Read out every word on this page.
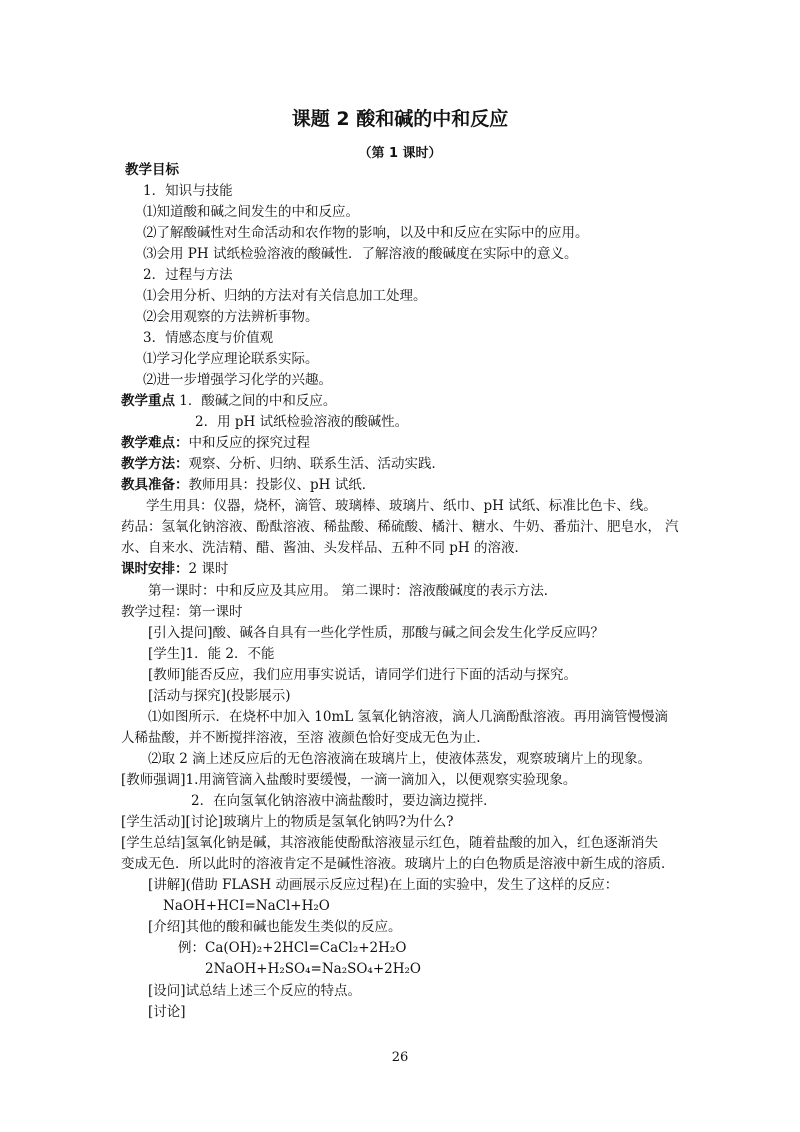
课题 2 酸和碱的中和反应
（第 1 课时）
教学目标
1．知识与技能
⑴知道酸和碱之间发生的中和反应。
⑵了解酸碱性对生命活动和农作物的影响，以及中和反应在实际中的应用。
⑶会用 PH 试纸检验溶液的酸碱性．了解溶液的酸碱度在实际中的意义。
2．过程与方法
⑴会用分析、归纳的方法对有关信息加工处理。
⑵会用观察的方法辨析事物。
3．情感态度与价值观
⑴学习化学应理论联系实际。
⑵进一步增强学习化学的兴趣。
教学重点 1．酸碱之间的中和反应。
2．用 pH 试纸检验溶液的酸碱性。
教学难点：中和反应的探究过程
教学方法：观察、分析、归纳、联系生活、活动实践．
教具准备：教师用具：投影仪、pH 试纸．
学生用具：仪器，烧杯，滴管、玻璃棒、玻璃片、纸巾、pH 试纸、标准比色卡、线。
药品：氢氧化钠溶液、酚酞溶液、稀盐酸、稀硫酸、橘汁、糖水、牛奶、番茄汁、肥皂水， 汽
水、自来水、洗洁精、醋、酱油、头发样品、五种不同 pH 的溶液．
课时安排：2 课时
第一课时：中和反应及其应用。 第二课时：溶液酸碱度的表示方法．
教学过程：第一课时
[引入提问]酸、碱各自具有一些化学性质，那酸与碱之间会发生化学反应吗？
[学生]1．能 2．不能
[教师]能否反应，我们应用事实说话，请同学们进行下面的活动与探究。
[活动与探究](投影展示)
⑴如图所示．在烧杯中加入 10mL 氢氧化钠溶液，滴人几滴酚酞溶液。再用滴管慢慢滴
人稀盐酸，并不断搅拌溶液，至溶 液颜色恰好变成无色为止.
⑵取 2 滴上述反应后的无色溶液滴在玻璃片上，使液体蒸发，观察玻璃片上的现象。
[教师强调]1.用滴管滴入盐酸时要缓慢，一滴一滴加入，以便观察实验现象。
2．在向氢氧化钠溶液中滴盐酸时，要边滴边搅拌．
[学生活动][讨论]玻璃片上的物质是氢氧化钠吗?为什么?
[学生总结]氢氧化钠是碱，其溶液能使酚酞溶液显示红色，随着盐酸的加入，红色逐渐消失
变成无色．所以此时的溶液肯定不是碱性溶液。玻璃片上的白色物质是溶液中新生成的溶质．
[讲解](借助 FLASH 动画展示反应过程)在上面的实验中，发生了这样的反应：
NaOH+HCI=NaCl+H₂O
[介绍]其他的酸和碱也能发生类似的反应。
例：Ca(OH)₂+2HCl=CaCl₂+2H₂O
2NaOH+H₂SO₄=Na₂SO₄+2H₂O
[设问]试总结上述三个反应的特点。
[讨论]
26
